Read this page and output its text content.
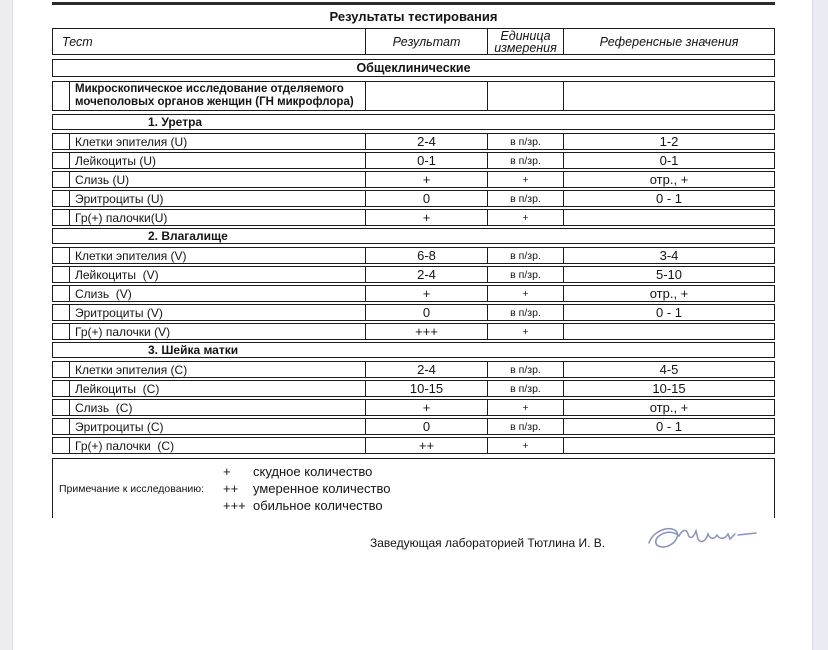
Результаты тестирования
Тест	Результат	Единица измерения	Референсные значения
Общеклинические
Микроскопическое исследование отделяемого мочеполовых органов женщин (ГН микрофлора)
1. Уретра
Клетки эпителия (U)	2-4	в п/зр.	1-2
Лейкоциты (U)	0-1	в п/зр.	0-1
Слизь (U)	+	+	отр., +
Эритроциты (U)	0	в п/зр.	0 - 1
Гр(+) палочки(U)	+	+
2. Влагалище
Клетки эпителия (V)	6-8	в п/зр.	3-4
Лейкоциты  (V)	2-4	в п/зр.	5-10
Слизь  (V)	+	+	отр., +
Эритроциты (V)	0	в п/зр.	0 - 1
Гр(+) палочки (V)	+++	+
3. Шейка матки
Клетки эпителия (С)	2-4	в п/зр.	4-5
Лейкоциты  (С)	10-15	в п/зр.	10-15
Слизь  (С)	+	+	отр., +
Эритроциты (С)	0	в п/зр.	0 - 1
Гр(+) палочки  (С)	++	+
Примечание к исследованию:
+	скудное количество
++	умеренное количество
+++ обильное количество
Заведующая лабораторией Тютлина И. В.
